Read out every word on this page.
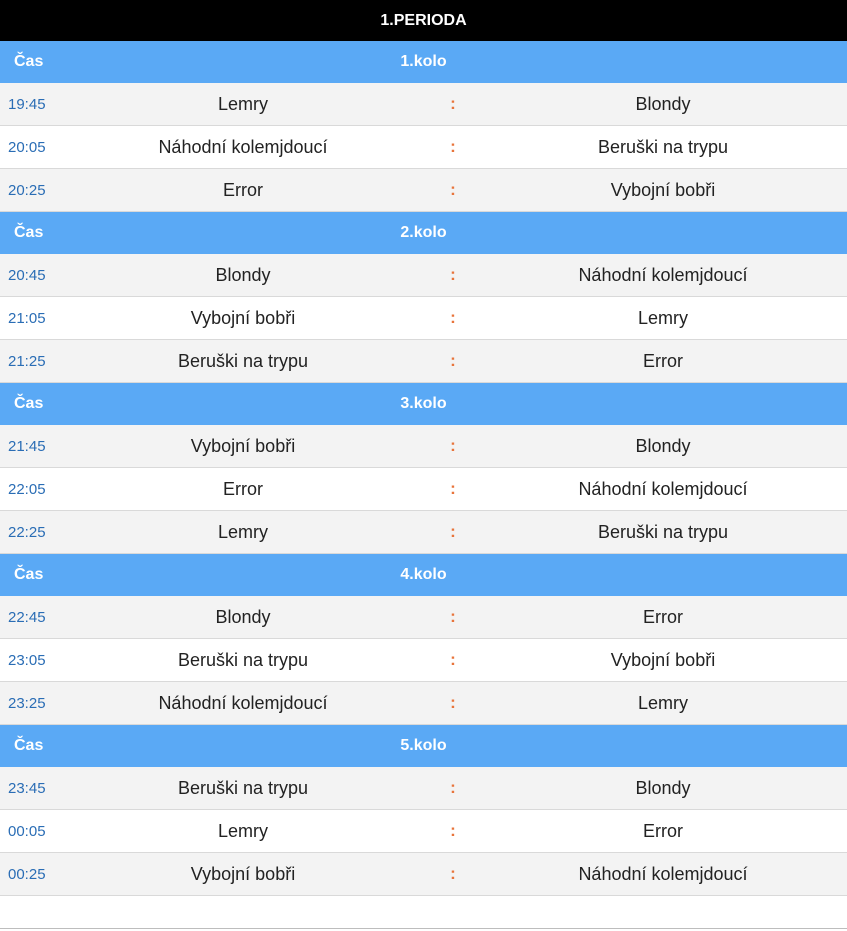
1.PERIODA
Čas	1.kolo
19:45	Lemry	:	Blondy
20:05	Náhodní kolemjdoucí	:	Beruški na trypu
20:25	Error	:	Vybojní bobři
Čas	2.kolo
20:45	Blondy	:	Náhodní kolemjdoucí
21:05	Vybojní bobři	:	Lemry
21:25	Beruški na trypu	:	Error
Čas	3.kolo
21:45	Vybojní bobři	:	Blondy
22:05	Error	:	Náhodní kolemjdoucí
22:25	Lemry	:	Beruški na trypu
Čas	4.kolo
22:45	Blondy	:	Error
23:05	Beruški na trypu	:	Vybojní bobři
23:25	Náhodní kolemjdoucí	:	Lemry
Čas	5.kolo
23:45	Beruški na trypu	:	Blondy
00:05	Lemry	:	Error
00:25	Vybojní bobři	:	Náhodní kolemjdoucí
